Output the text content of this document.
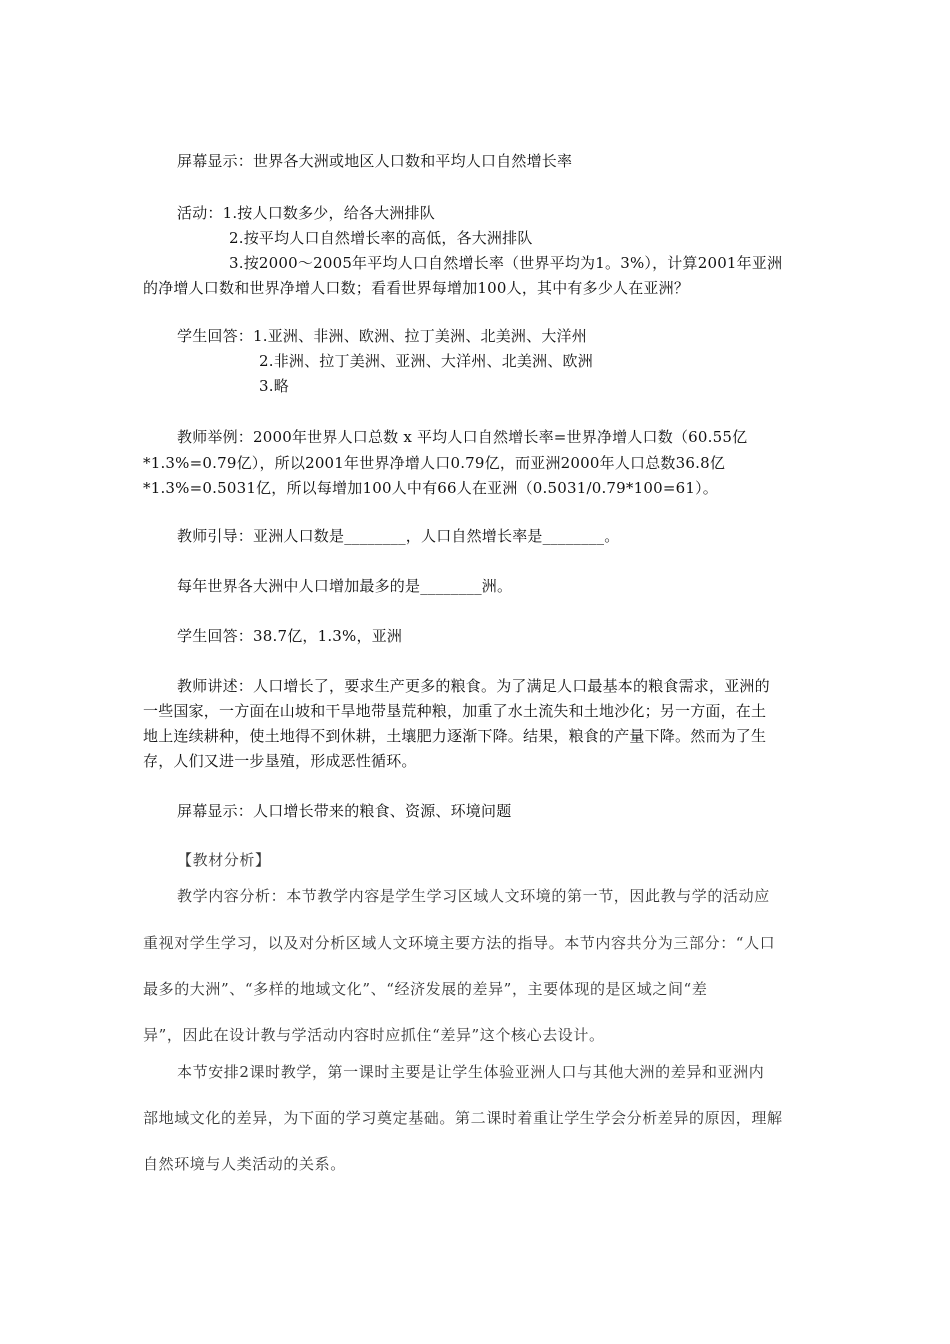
屏幕显示：世界各大洲或地区人口数和平均人口自然增长率
活动：1.按人口数多少，给各大洲排队
2.按平均人口自然增长率的高低，各大洲排队
3.按2000～2005年平均人口自然增长率（世界平均为1。3%），计算2001年亚洲
的净增人口数和世界净增人口数；看看世界每增加100人，其中有多少人在亚洲？
学生回答：1.亚洲、非洲、欧洲、拉丁美洲、北美洲、大洋州
2.非洲、拉丁美洲、亚洲、大洋州、北美洲、欧洲
3.略
教师举例：2000年世界人口总数 x 平均人口自然增长率=世界净增人口数（60.55亿
*1.3%=0.79亿），所以2001年世界净增人口0.79亿，而亚洲2000年人口总数36.8亿
*1.3%=0.5031亿，所以每增加100人中有66人在亚洲（0.5031/0.79*100=61）。
教师引导：亚洲人口数是________，人口自然增长率是________。
每年世界各大洲中人口增加最多的是________洲。
学生回答：38.7亿，1.3%，亚洲
教师讲述：人口增长了，要求生产更多的粮食。为了满足人口最基本的粮食需求，亚洲的
一些国家，一方面在山坡和干旱地带垦荒种粮，加重了水土流失和土地沙化；另一方面，在土
地上连续耕种，使土地得不到休耕，土壤肥力逐渐下降。结果，粮食的产量下降。然而为了生
存，人们又进一步垦殖，形成恶性循环。
屏幕显示：人口增长带来的粮食、资源、环境问题
【教材分析】
教学内容分析：本节教学内容是学生学习区域人文环境的第一节，因此教与学的活动应
重视对学生学习，以及对分析区域人文环境主要方法的指导。本节内容共分为三部分：“人口
最多的大洲”、“多样的地域文化”、“经济发展的差异”，主要体现的是区域之间“差
异”，因此在设计教与学活动内容时应抓住“差异”这个核心去设计。
本节安排2课时教学，第一课时主要是让学生体验亚洲人口与其他大洲的差异和亚洲内
部地域文化的差异，为下面的学习奠定基础。第二课时着重让学生学会分析差异的原因，理解
自然环境与人类活动的关系。
